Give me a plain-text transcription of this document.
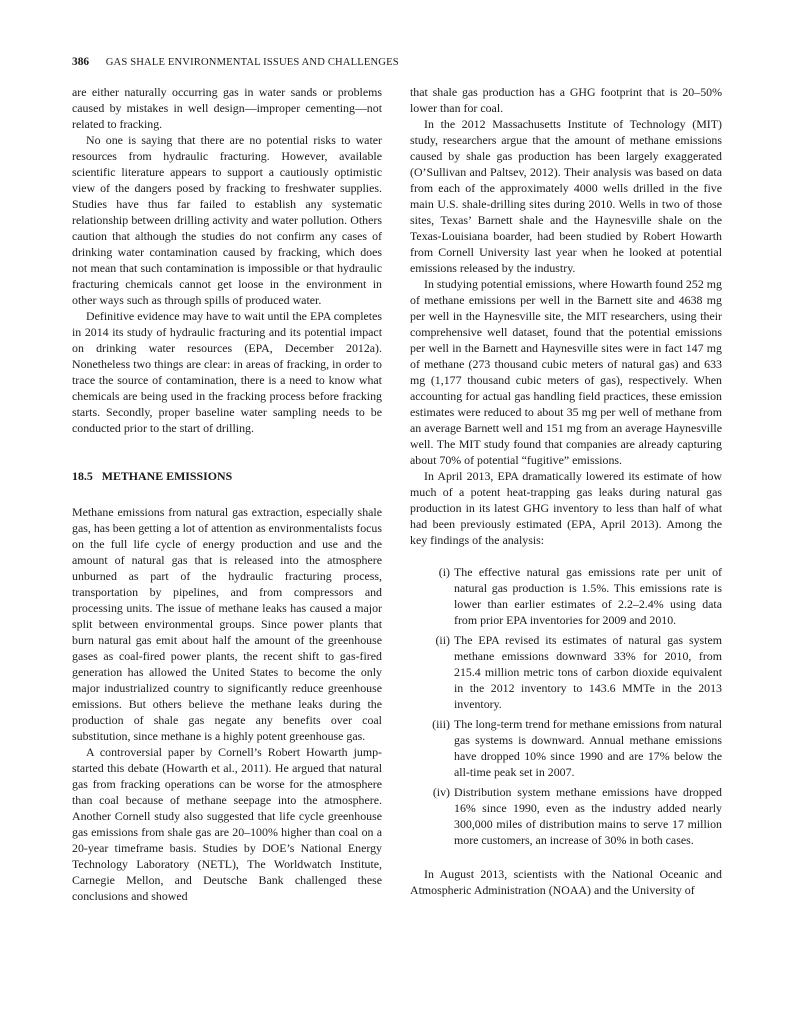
386 GAS SHALE ENVIRONMENTAL ISSUES AND CHALLENGES

are either naturally occurring gas in water sands or problems caused by mistakes in well design—improper cementing—not related to fracking.

No one is saying that there are no potential risks to water resources from hydraulic fracturing. However, available scientific literature appears to support a cautiously optimistic view of the dangers posed by fracking to freshwater supplies. Studies have thus far failed to establish any systematic relationship between drilling activity and water pollution. Others caution that although the studies do not confirm any cases of drinking water contamination caused by fracking, which does not mean that such contamination is impossible or that hydraulic fracturing chemicals cannot get loose in the environment in other ways such as through spills of produced water.

Definitive evidence may have to wait until the EPA completes in 2014 its study of hydraulic fracturing and its potential impact on drinking water resources (EPA, December 2012a). Nonetheless two things are clear: in areas of fracking, in order to trace the source of contamination, there is a need to know what chemicals are being used in the fracking process before fracking starts. Secondly, proper baseline water sampling needs to be conducted prior to the start of drilling.

18.5   METHANE EMISSIONS

Methane emissions from natural gas extraction, especially shale gas, has been getting a lot of attention as environmentalists focus on the full life cycle of energy production and use and the amount of natural gas that is released into the atmosphere unburned as part of the hydraulic fracturing process, transportation by pipelines, and from compressors and processing units. The issue of methane leaks has caused a major split between environmental groups. Since power plants that burn natural gas emit about half the amount of the greenhouse gases as coal-fired power plants, the recent shift to gas-fired generation has allowed the United States to become the only major industrialized country to significantly reduce greenhouse emissions. But others believe the methane leaks during the production of shale gas negate any benefits over coal substitution, since methane is a highly potent greenhouse gas.

A controversial paper by Cornell’s Robert Howarth jump-started this debate (Howarth et al., 2011). He argued that natural gas from fracking operations can be worse for the atmosphere than coal because of methane seepage into the atmosphere. Another Cornell study also suggested that life cycle greenhouse gas emissions from shale gas are 20–100% higher than coal on a 20-year timeframe basis. Studies by DOE’s National Energy Technology Laboratory (NETL), The Worldwatch Institute, Carnegie Mellon, and Deutsche Bank challenged these conclusions and showed

that shale gas production has a GHG footprint that is 20–50% lower than for coal.

In the 2012 Massachusetts Institute of Technology (MIT) study, researchers argue that the amount of methane emissions caused by shale gas production has been largely exaggerated (O’Sullivan and Paltsev, 2012). Their analysis was based on data from each of the approximately 4000 wells drilled in the five main U.S. shale-drilling sites during 2010. Wells in two of those sites, Texas’ Barnett shale and the Haynesville shale on the Texas-Louisiana boarder, had been studied by Robert Howarth from Cornell University last year when he looked at potential emissions released by the industry.

In studying potential emissions, where Howarth found 252 mg of methane emissions per well in the Barnett site and 4638 mg per well in the Haynesville site, the MIT researchers, using their comprehensive well dataset, found that the potential emissions per well in the Barnett and Haynesville sites were in fact 147 mg of methane (273 thousand cubic meters of natural gas) and 633 mg (1,177 thousand cubic meters of gas), respectively. When accounting for actual gas handling field practices, these emission estimates were reduced to about 35 mg per well of methane from an average Barnett well and 151 mg from an average Haynesville well. The MIT study found that companies are already capturing about 70% of potential “fugitive” emissions.

In April 2013, EPA dramatically lowered its estimate of how much of a potent heat-trapping gas leaks during natural gas production in its latest GHG inventory to less than half of what had been previously estimated (EPA, April 2013). Among the key findings of the analysis:

(i) The effective natural gas emissions rate per unit of natural gas production is 1.5%. This emissions rate is lower than earlier estimates of 2.2–2.4% using data from prior EPA inventories for 2009 and 2010.
(ii) The EPA revised its estimates of natural gas system methane emissions downward 33% for 2010, from 215.4 million metric tons of carbon dioxide equivalent in the 2012 inventory to 143.6 MMTe in the 2013 inventory.
(iii) The long-term trend for methane emissions from natural gas systems is downward. Annual methane emissions have dropped 10% since 1990 and are 17% below the all-time peak set in 2007.
(iv) Distribution system methane emissions have dropped 16% since 1990, even as the industry added nearly 300,000 miles of distribution mains to serve 17 million more customers, an increase of 30% in both cases.

In August 2013, scientists with the National Oceanic and Atmospheric Administration (NOAA) and the University of
